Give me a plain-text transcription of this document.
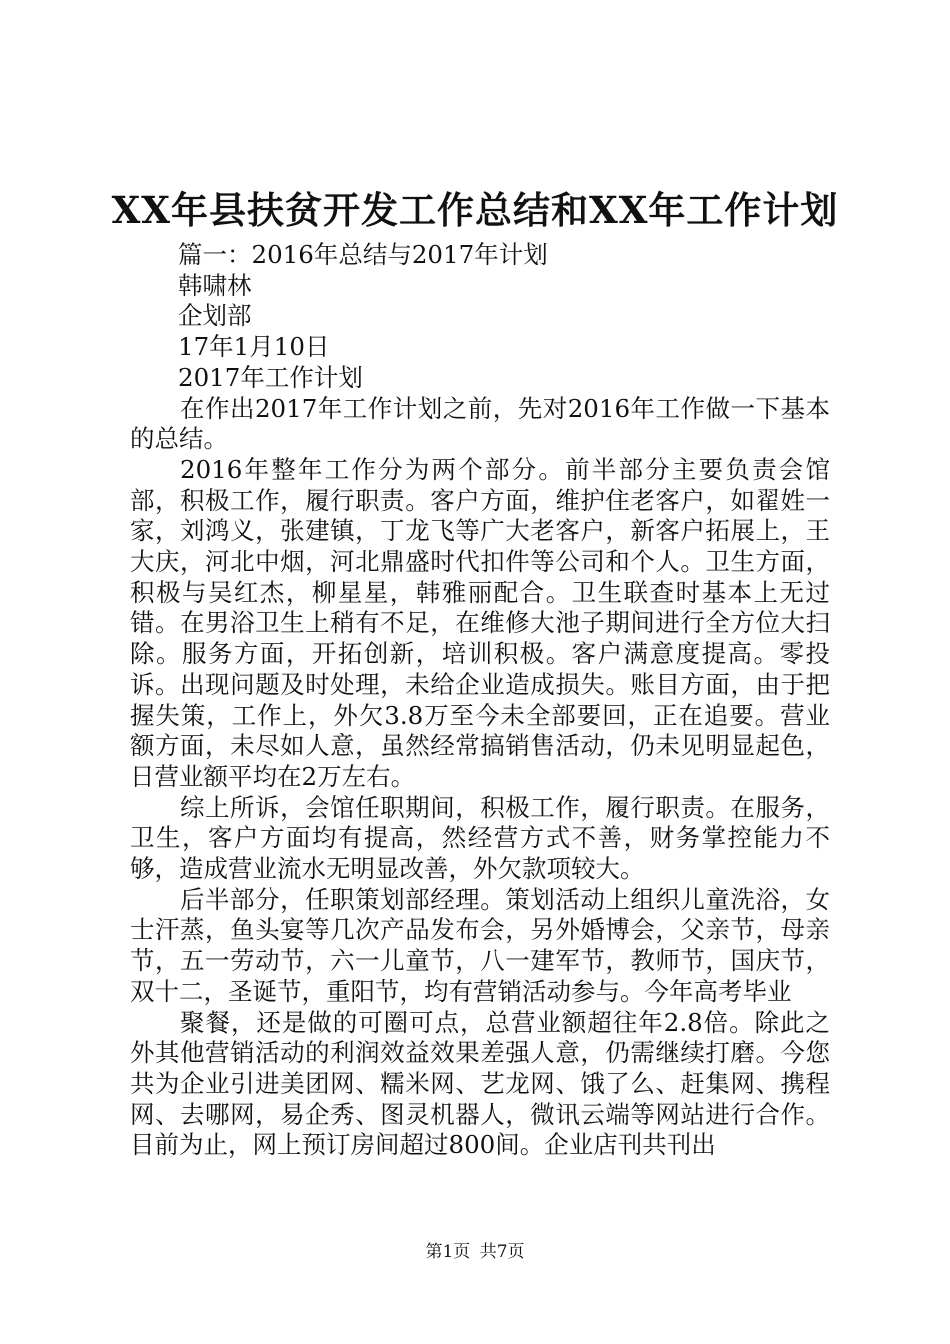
XX年县扶贫开发工作总结和XX年工作计划
篇一：2016年总结与2017年计划
韩啸林
企划部
17年1月10日
2017年工作计划

在作出2017年工作计划之前，先对2016年工作做一下基本的总结。

2016年整年工作分为两个部分。前半部分主要负责会馆部，积极工作，履行职责。客户方面，维护住老客户，如翟姓一家，刘鸿义，张建镇，丁龙飞等广大老客户，新客户拓展上，王大庆，河北中烟，河北鼎盛时代扣件等公司和个人。卫生方面，积极与吴红杰，柳星星，韩雅丽配合。卫生联查时基本上无过错。在男浴卫生上稍有不足，在维修大池子期间进行全方位大扫除。服务方面，开拓创新，培训积极。客户满意度提高。零投诉。出现问题及时处理，未给企业造成损失。账目方面，由于把握失策，工作上，外欠3.8万至今未全部要回，正在追要。营业额方面，未尽如人意，虽然经常搞销售活动，仍未见明显起色，日营业额平均在2万左右。

综上所诉，会馆任职期间，积极工作，履行职责。在服务，卫生，客户方面均有提高，然经营方式不善，财务掌控能力不够，造成营业流水无明显改善，外欠款项较大。

后半部分，任职策划部经理。策划活动上组织儿童洗浴，女士汗蒸，鱼头宴等几次产品发布会，另外婚博会，父亲节，母亲节，五一劳动节，六一儿童节，八一建军节，教师节，国庆节，双十二，圣诞节，重阳节，均有营销活动参与。今年高考毕业

聚餐，还是做的可圈可点，总营业额超往年2.8倍。除此之外其他营销活动的利润效益效果差强人意，仍需继续打磨。今您共为企业引进美团网、糯米网、艺龙网、饿了么、赶集网、携程网、去哪网，易企秀、图灵机器人，微讯云端等网站进行合作。目前为止，网上预订房间超过800间。企业店刊共刊出

第1页 共7页
